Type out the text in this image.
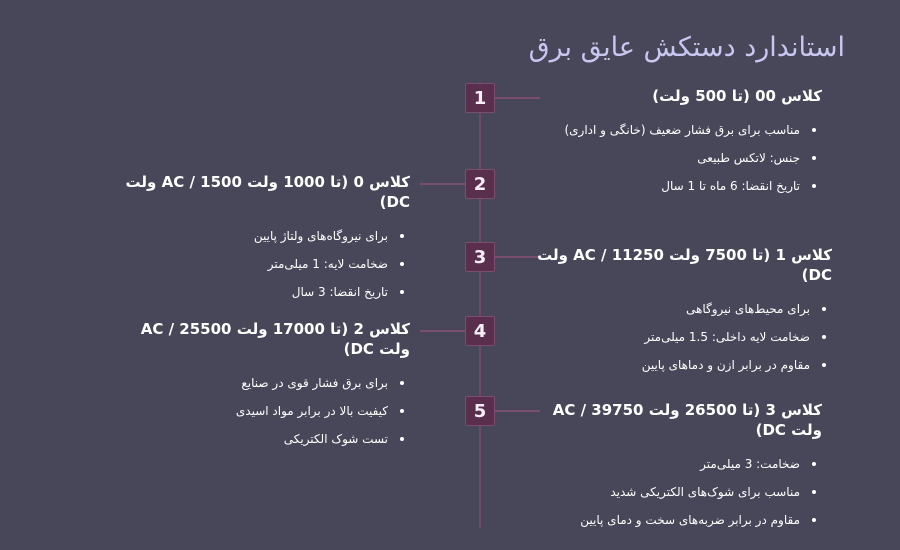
استاندارد دستکش عایق برق
1	کلاس 00 (تا 500 ولت)

مناسب برای برق فشار ضعیف (خانگی و اداری)
جنس: لاتکس طبیعی
تاریخ انقضا: 6 ماه تا 1 سال
2

کلاس 0 (تا 1000 ولت AC / 1500 ولت DC)

برای نیروگاه‌های ولتاژ پایین
ضخامت لایه: 1 میلی‌متر
تاریخ انقضا: 3 سال
3	کلاس 1 (تا 7500 ولت AC / 11250 ولت DC)

برای محیط‌های نیروگاهی
ضخامت لایه داخلی: 1.5 میلی‌متر
مقاوم در برابر ازن و دماهای پایین
4

کلاس 2 (تا 17000 ولت AC / 25500 ولت DC)

برای برق فشار قوی در صنایع
کیفیت بالا در برابر مواد اسیدی
تست شوک الکتریکی
5	کلاس 3 (تا 26500 ولت AC / 39750 ولت DC)

ضخامت: 3 میلی‌متر
مناسب برای شوک‌های الکتریکی شدید
مقاوم در برابر ضربه‌های سخت و دمای پایین
